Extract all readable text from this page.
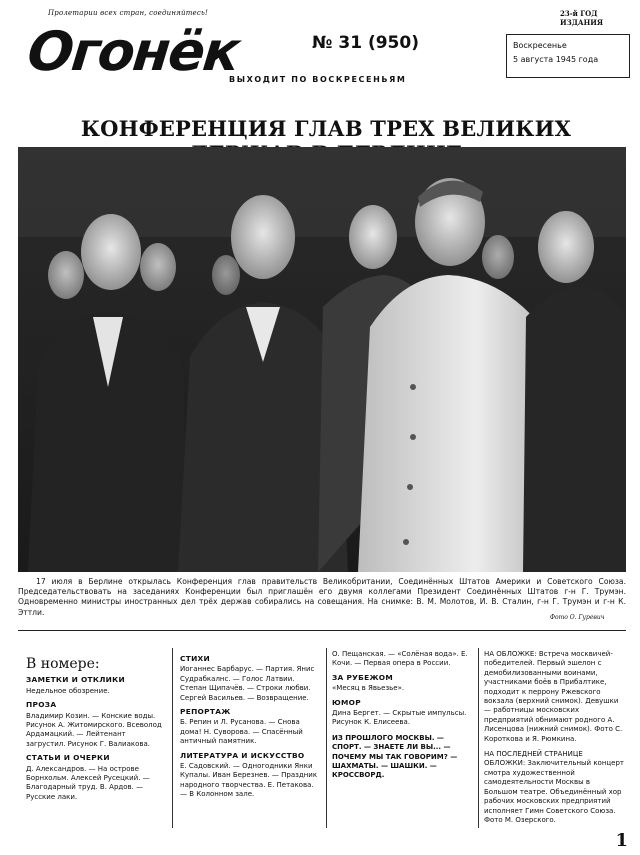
Пролетарии всех стран, соединяйтесь!	23-й ГОД ИЗДАНИЯ
Огонёк	№ 31 (950)
ВЫХОДИТ ПО ВОСКРЕСЕНЬЯМ
Воскресенье
5 августа 1945 года
КОНФЕРЕНЦИЯ ГЛАВ ТРЕХ ВЕЛИКИХ
17 июля в Берлине открылась Конференция глав правительств Великобритании, Соединённых Штатов Америки и Советского Союза. Председательствовать на заседаниях Конференции был приглашён его двумя коллегами Президент Соединённых Штатов г-н Г. Трумэн. Одновременно министры иностранных дел трёх держав собирались на совещания. На снимке: В. М. Молотов, И. В. Сталин, г-н Г. Трумэн и г-н К. Эттли.
Фото О. Гуревич
В номере:
ЗАМЕТКИ И ОТКЛИКИ

Недельное обозрение.

ПРОЗА

Владимир Козин. — Конские воды. Рисунок А. Житомирского. Всеволод Ардамацкий. — Лейтенант загрустил. Рисунок Г. Валиакова.

СТАТЬИ И ОЧЕРКИ

Д. Александров. — На острове Борнхольм. Алексей Русецкий. — Благодарный труд. В. Ардов. — Русские лаки.

СТИХИ

Иоганнес Барбарус. — Партия. Янис Судрабкалнс. — Голос Латвии. Степан Щипачёв. — Строки любви. Сергей Васильев. — Возвращение.

РЕПОРТАЖ

Б. Репин и Л. Русанова. — Снова дома! Н. Суворова. — Спасённый античный памятник.

ЛИТЕРАТУРА И ИСКУССТВО

Е. Садовский. — Одногодники Янки Купалы. Иван Березнев. — Праздник народного творчества. Е. Петакова. — В Колонном зале.

О. Пещанская. — «Солёная вода». Е. Кочи. — Первая опера в России.

ЗА РУБЕЖОМ

«Месяц в Явьезье».

ЮМОР

Дина Бергет. — Скрытые импульсы. Рисунок К. Елисеева.

ИЗ ПРОШЛОГО МОСКВЫ. — СПОРТ. — ЗНАЕТЕ ЛИ ВЫ... — ПОЧЕМУ МЫ ТАК ГОВОРИМ? — ШАХМАТЫ. — ШАШКИ. — КРОССВОРД.

НА ОБЛОЖКЕ: Встреча москвичей-победителей. Первый эшелон с демобилизованными воинами, участниками боёв в Прибалтике, подходит к перрону Ржевского вокзала (верхний снимок). Девушки — работницы московских предприятий обнимают родного А. Лисенцова (нижний снимок). Фото С. Короткова и Я. Рюмкина.

НА ПОСЛЕДНЕЙ СТРАНИЦЕ ОБЛОЖКИ: Заключительный концерт смотра художественной самодеятельности Москвы в Большом театре. Объединённый хор рабочих московских предприятий исполняет Гимн Советского Союза. Фото М. Озерского.

1
